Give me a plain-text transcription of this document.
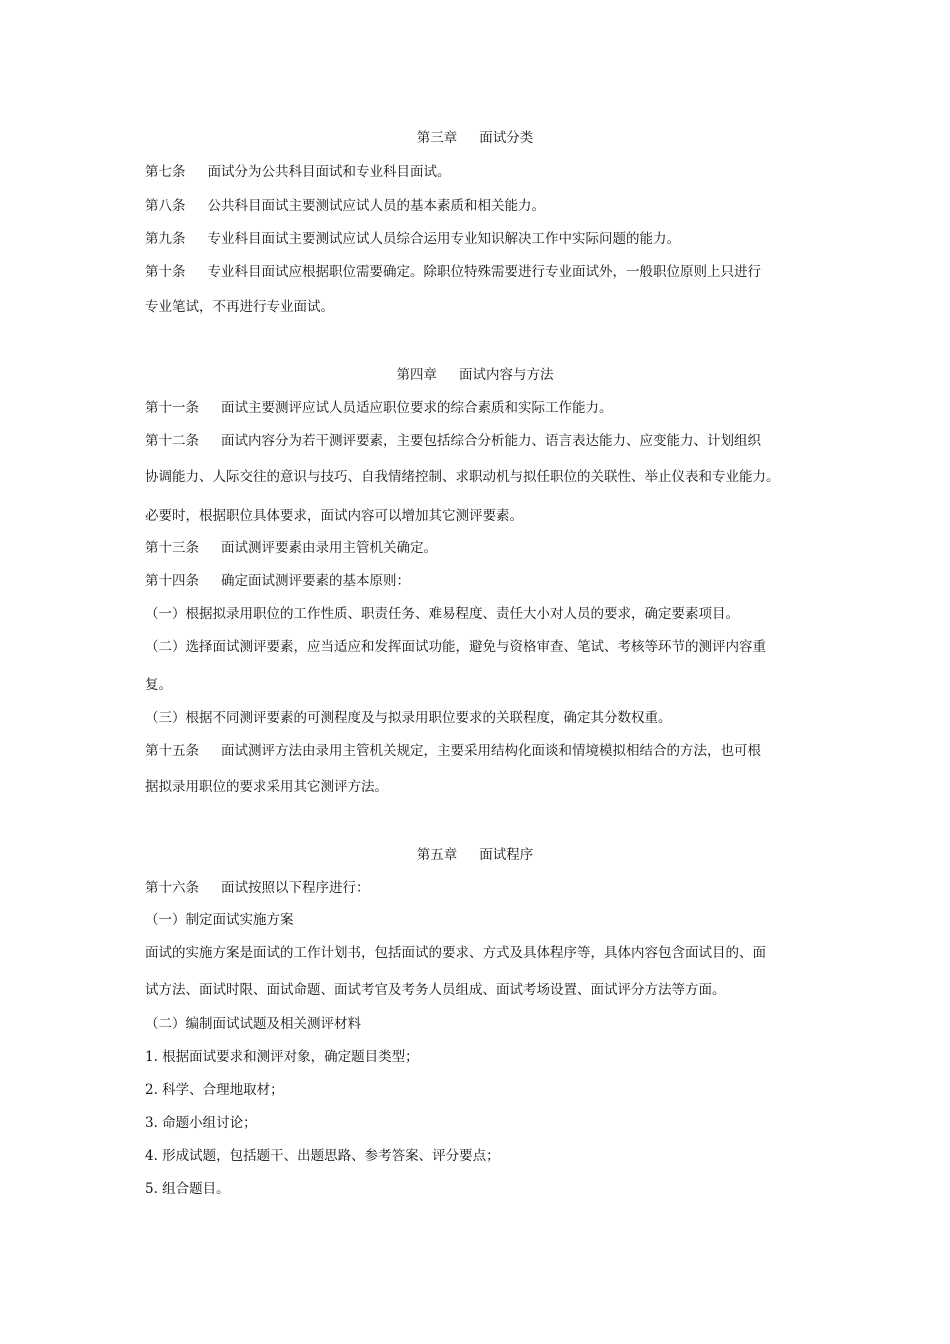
第三章 面试分类
第七条 面试分为公共科目面试和专业科目面试。
第八条 公共科目面试主要测试应试人员的基本素质和相关能力。
第九条 专业科目面试主要测试应试人员综合运用专业知识解决工作中实际问题的能力。
第十条 专业科目面试应根据职位需要确定。除职位特殊需要进行专业面试外，一般职位原则上只进行
专业笔试，不再进行专业面试。
第四章 面试内容与方法
第十一条 面试主要测评应试人员适应职位要求的综合素质和实际工作能力。
第十二条 面试内容分为若干测评要素，主要包括综合分析能力、语言表达能力、应变能力、计划组织
协调能力、人际交往的意识与技巧、自我情绪控制、求职动机与拟任职位的关联性、举止仪表和专业能力。
必要时，根据职位具体要求，面试内容可以增加其它测评要素。
第十三条 面试测评要素由录用主管机关确定。
第十四条 确定面试测评要素的基本原则：
（一）根据拟录用职位的工作性质、职责任务、难易程度、责任大小对人员的要求，确定要素项目。
（二）选择面试测评要素，应当适应和发挥面试功能，避免与资格审查、笔试、考核等环节的测评内容重
复。
（三）根据不同测评要素的可测程度及与拟录用职位要求的关联程度，确定其分数权重。
第十五条 面试测评方法由录用主管机关规定，主要采用结构化面谈和情境模拟相结合的方法，也可根
据拟录用职位的要求采用其它测评方法。
第五章 面试程序
第十六条 面试按照以下程序进行：
（一）制定面试实施方案
面试的实施方案是面试的工作计划书，包括面试的要求、方式及具体程序等，具体内容包含面试目的、面
试方法、面试时限、面试命题、面试考官及考务人员组成、面试考场设置、面试评分方法等方面。
（二）编制面试试题及相关测评材料
1. 根据面试要求和测评对象，确定题目类型；
2. 科学、合理地取材；
3. 命题小组讨论；
4. 形成试题，包括题干、出题思路、参考答案、评分要点；
5. 组合题目。
